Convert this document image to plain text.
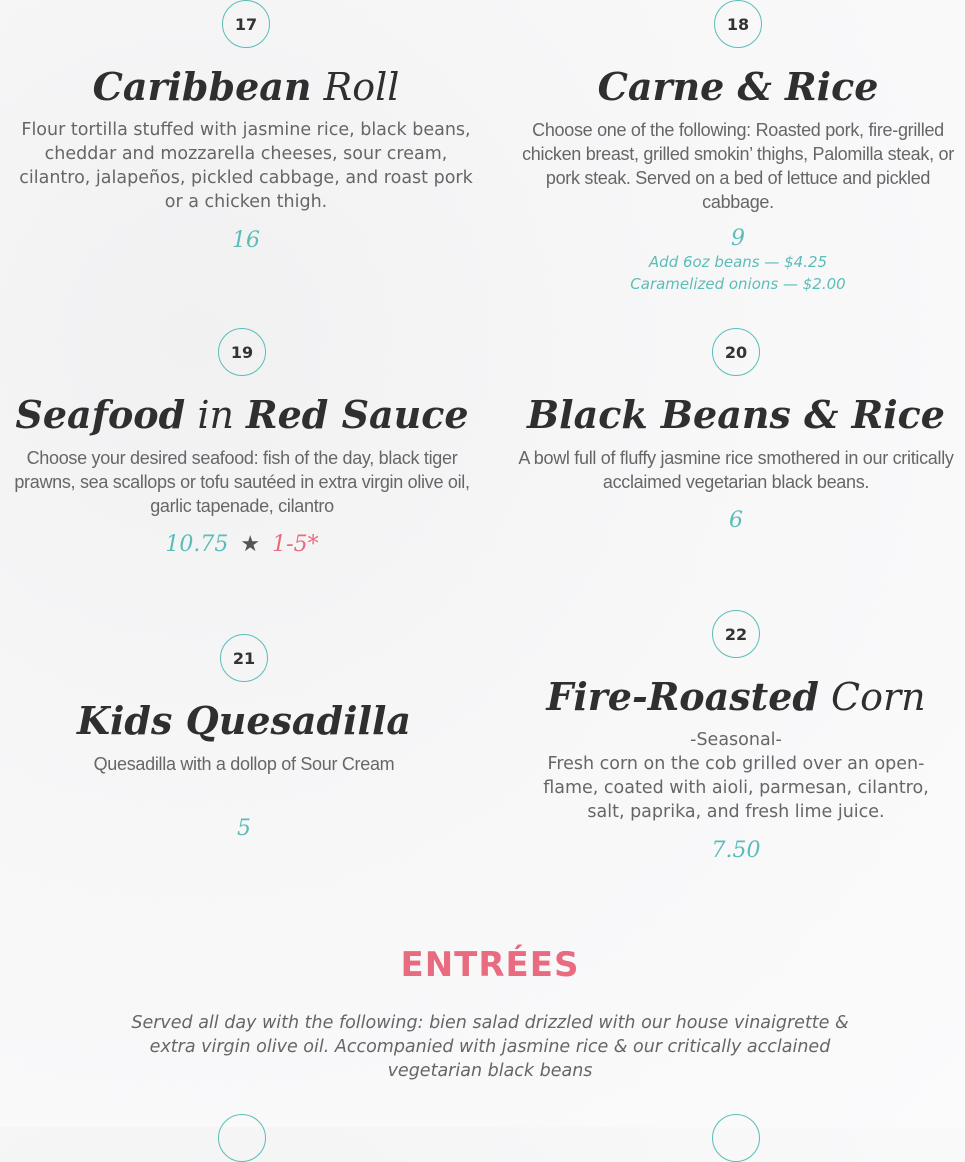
17
Caribbean Roll
Flour tortilla stuffed with jasmine rice, black beans, cheddar and mozzarella cheeses, sour cream, cilantro, jalapeños, pickled cabbage, and roast pork or a chicken thigh.
16
18
Carne & Rice
Choose one of the following: Roasted pork, fire-grilled chicken breast, grilled smokin’ thighs, Palomilla steak, or pork steak. Served on a bed of lettuce and pickled cabbage.
9
Add 6oz beans — $4.25
Caramelized onions — $2.00
19
Seafood in Red Sauce
Choose your desired seafood: fish of the day, black tiger prawns, sea scallops or tofu sautéed in extra virgin olive oil, garlic tapenade, cilantro
10.75 ★ 1-5*
20
Black Beans & Rice
A bowl full of fluffy jasmine rice smothered in our critically acclaimed vegetarian black beans.
6
21
Kids Quesadilla
Quesadilla with a dollop of Sour Cream
5
22
Fire-Roasted Corn
-Seasonal-
Fresh corn on the cob grilled over an open-flame, coated with aioli, parmesan, cilantro, salt, paprika, and fresh lime juice.
7.50
ENTRÉES
Served all day with the following: bien salad drizzled with our house vinaigrette & extra virgin olive oil. Accompanied with jasmine rice & our critically acclained vegetarian black beans
